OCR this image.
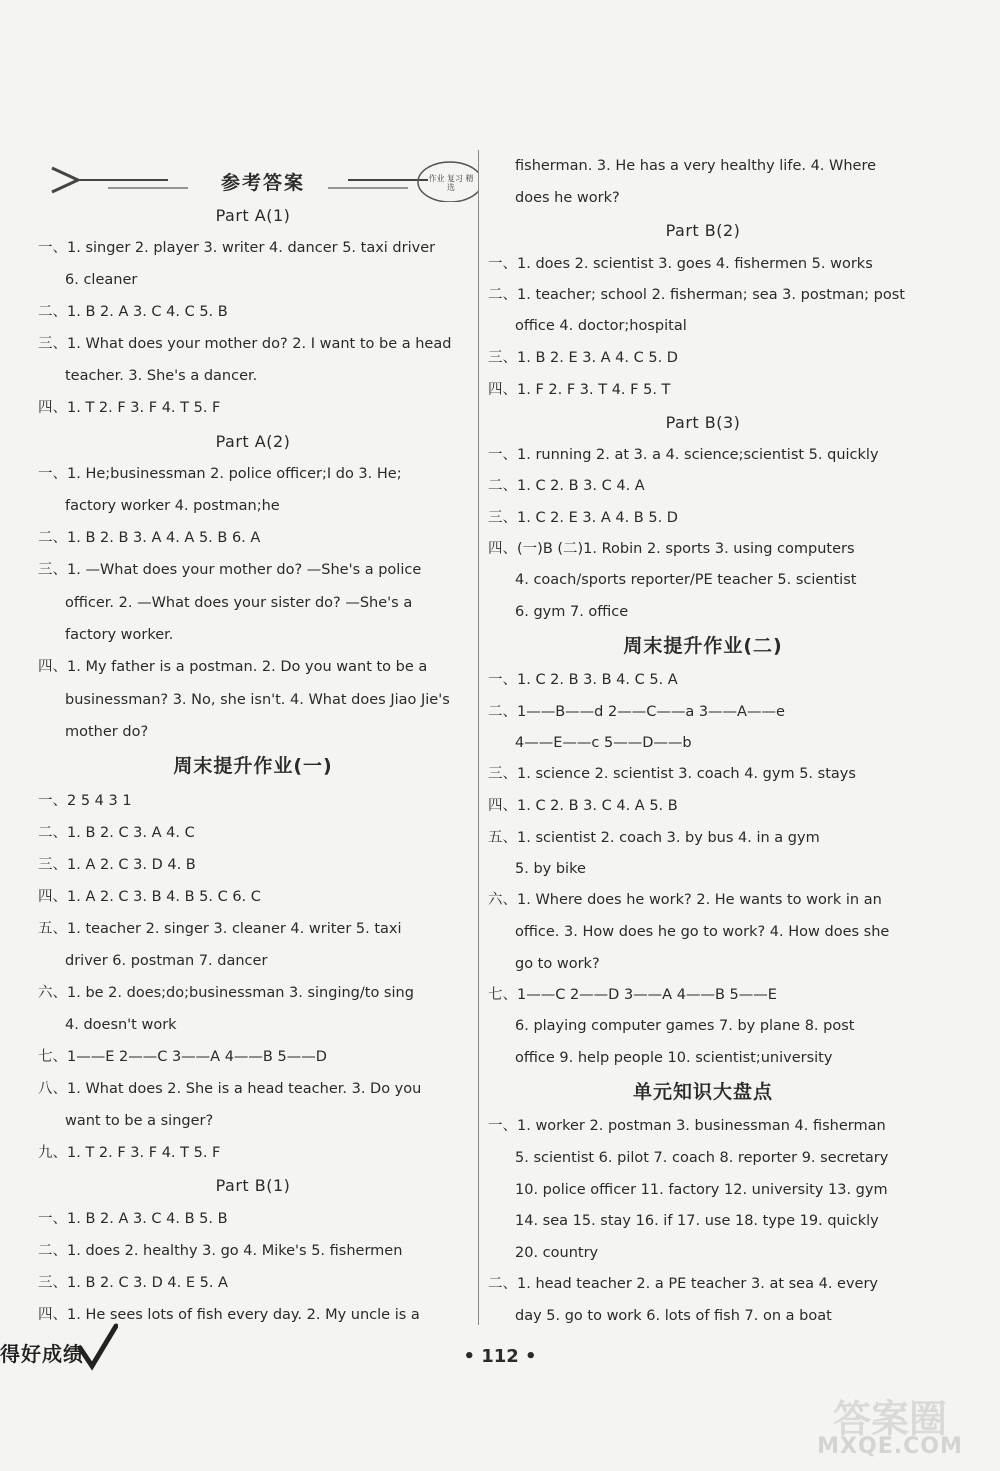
参考答案	作业 复习 精选
Part A(1)
一、1. singer 2. player 3. writer 4. dancer 5. taxi driver
6. cleaner
二、1. B 2. A 3. C 4. C 5. B
三、1. What does your mother do? 2. I want to be a head
teacher. 3. She's a dancer.
四、1. T 2. F 3. F 4. T 5. F
Part A(2)
一、1. He;businessman 2. police officer;I do 3. He;
factory worker 4. postman;he
二、1. B 2. B 3. A 4. A 5. B 6. A
三、1. —What does your mother do? —She's a police
officer. 2. —What does your sister do? —She's a
factory worker.
四、1. My father is a postman. 2. Do you want to be a
businessman? 3. No, she isn't. 4. What does Jiao Jie's
mother do?
周末提升作业(一)
一、2 5 4 3 1
二、1. B 2. C 3. A 4. C
三、1. A 2. C 3. D 4. B
四、1. A 2. C 3. B 4. B 5. C 6. C
五、1. teacher 2. singer 3. cleaner 4. writer 5. taxi
driver 6. postman 7. dancer
六、1. be 2. does;do;businessman 3. singing/to sing
4. doesn't work
七、1——E 2——C 3——A 4——B 5——D
八、1. What does 2. She is a head teacher. 3. Do you
want to be a singer?
九、1. T 2. F 3. F 4. T 5. F
Part B(1)
一、1. B 2. A 3. C 4. B 5. B
二、1. does 2. healthy 3. go 4. Mike's 5. fishermen
三、1. B 2. C 3. D 4. E 5. A
四、1. He sees lots of fish every day. 2. My uncle is a
fisherman. 3. He has a very healthy life. 4. Where
does he work?
Part B(2)
一、1. does 2. scientist 3. goes 4. fishermen 5. works
二、1. teacher; school 2. fisherman; sea 3. postman; post
office 4. doctor;hospital
三、1. B 2. E 3. A 4. C 5. D
四、1. F 2. F 3. T 4. F 5. T
Part B(3)
一、1. running 2. at 3. a 4. science;scientist 5. quickly
二、1. C 2. B 3. C 4. A
三、1. C 2. E 3. A 4. B 5. D
四、(一)B (二)1. Robin 2. sports 3. using computers
4. coach/sports reporter/PE teacher 5. scientist
6. gym 7. office
周末提升作业(二)
一、1. C 2. B 3. B 4. C 5. A
二、1——B——d 2——C——a 3——A——e
4——E——c 5——D——b
三、1. science 2. scientist 3. coach 4. gym 5. stays
四、1. C 2. B 3. C 4. A 5. B
五、1. scientist 2. coach 3. by bus 4. in a gym
5. by bike
六、1. Where does he work? 2. He wants to work in an
office. 3. How does he go to work? 4. How does she
go to work?
七、1——C 2——D 3——A 4——B 5——E
6. playing computer games 7. by plane 8. post
office 9. help people 10. scientist;university
单元知识大盘点
一、1. worker 2. postman 3. businessman 4. fisherman
5. scientist 6. pilot 7. coach 8. reporter 9. secretary
10. police officer 11. factory 12. university 13. gym
14. sea 15. stay 16. if 17. use 18. type 19. quickly
20. country
二、1. head teacher 2. a PE teacher 3. at sea 4. every
day 5. go to work 6. lots of fish 7. on a boat
得好成绩	• 112 •
答案圈
MXQE.COM
